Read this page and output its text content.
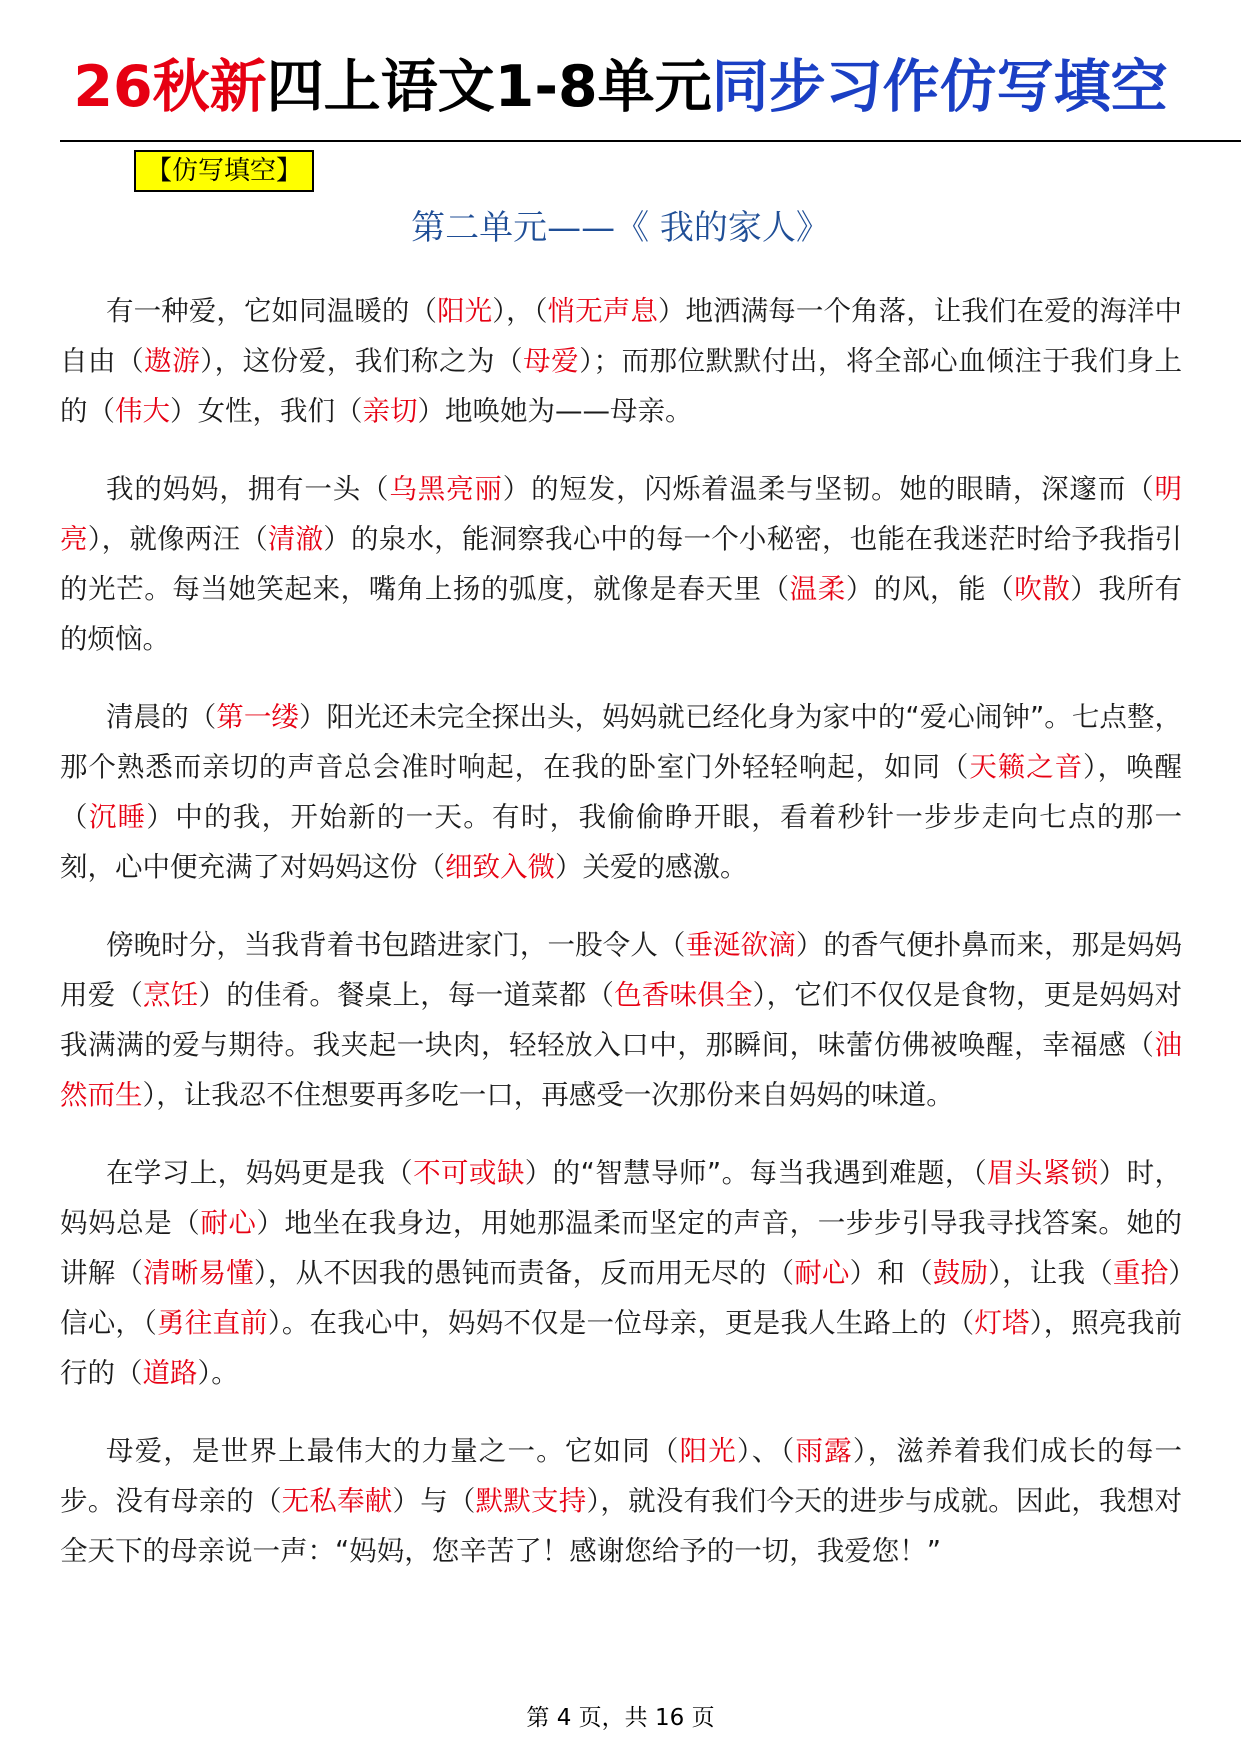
26秋新四上语文1-8单元同步习作仿写填空
【仿写填空】
第二单元——《 我的家人》

有一种爱，它如同温暖的（阳光），（悄无声息）地洒满每一个角落，让我们在爱的海洋中自由（遨游），这份爱，我们称之为（母爱）；而那位默默付出，将全部心血倾注于我们身上的（伟大）女性，我们（亲切）地唤她为——母亲。

我的妈妈，拥有一头（乌黑亮丽）的短发，闪烁着温柔与坚韧。她的眼睛，深邃而（明亮），就像两汪（清澈）的泉水，能洞察我心中的每一个小秘密，也能在我迷茫时给予我指引的光芒。每当她笑起来，嘴角上扬的弧度，就像是春天里（温柔）的风，能（吹散）我所有的烦恼。

清晨的（第一缕）阳光还未完全探出头，妈妈就已经化身为家中的“爱心闹钟”。七点整，那个熟悉而亲切的声音总会准时响起，在我的卧室门外轻轻响起，如同（天籁之音），唤醒（沉睡）中的我，开始新的一天。有时，我偷偷睁开眼，看着秒针一步步走向七点的那一刻，心中便充满了对妈妈这份（细致入微）关爱的感激。

傍晚时分，当我背着书包踏进家门，一股令人（垂涎欲滴）的香气便扑鼻而来，那是妈妈用爱（烹饪）的佳肴。餐桌上，每一道菜都（色香味俱全），它们不仅仅是食物，更是妈妈对我满满的爱与期待。我夹起一块肉，轻轻放入口中，那瞬间，味蕾仿佛被唤醒，幸福感（油然而生），让我忍不住想要再多吃一口，再感受一次那份来自妈妈的味道。

在学习上，妈妈更是我（不可或缺）的“智慧导师”。每当我遇到难题，（眉头紧锁）时，妈妈总是（耐心）地坐在我身边，用她那温柔而坚定的声音，一步步引导我寻找答案。她的讲解（清晰易懂），从不因我的愚钝而责备，反而用无尽的（耐心）和（鼓励），让我（重拾）信心，（勇往直前）。在我心中，妈妈不仅是一位母亲，更是我人生路上的（灯塔），照亮我前行的（道路）。

母爱，是世界上最伟大的力量之一。它如同（阳光）、（雨露），滋养着我们成长的每一步。没有母亲的（无私奉献）与（默默支持），就没有我们今天的进步与成就。因此，我想对全天下的母亲说一声：“妈妈，您辛苦了！感谢您给予的一切，我爱您！”

第 4 页，共 16 页
